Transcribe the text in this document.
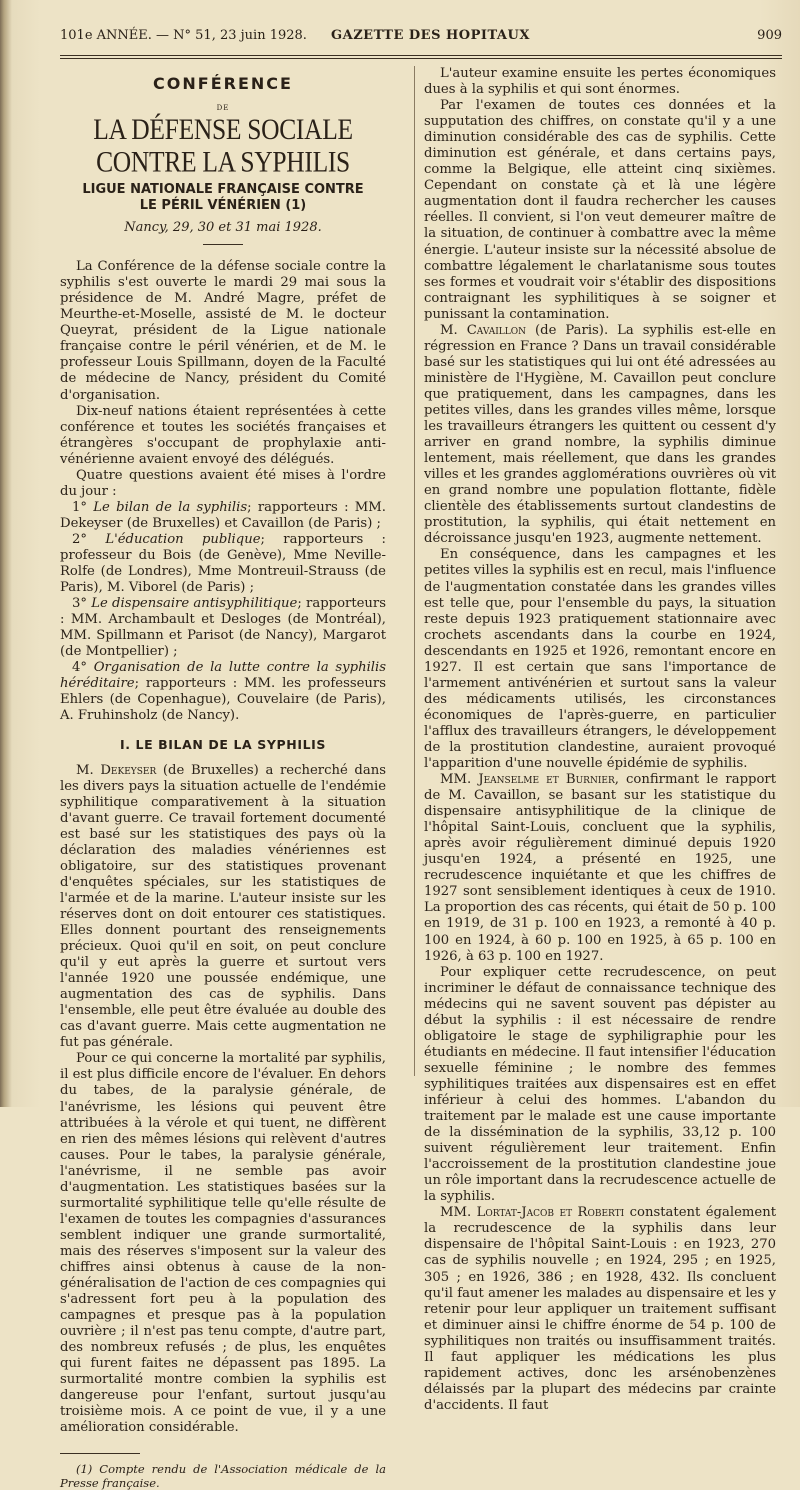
101e ANNÉE. — N° 51, 23 juin 1928. GAZETTE DES HOPITAUX	909
CONFÉRENCE
DE
LA DÉFENSE SOCIALE CONTRE LA SYPHILIS
LIGUE NATIONALE FRANÇAISE CONTRE
LE PÉRIL VÉNÉRIEN (1)
Nancy, 29, 30 et 31 mai 1928.

La Conférence de la défense sociale contre la syphilis s'est ouverte le mardi 29 mai sous la présidence de M. André Magre, préfet de Meurthe-et-Moselle, assisté de M. le docteur Queyrat, président de la Ligue nationale française contre le péril vénérien, et de M. le professeur Louis Spillmann, doyen de la Faculté de médecine de Nancy, président du Comité d'organisation.

Dix-neuf nations étaient représentées à cette conférence et toutes les sociétés françaises et étrangères s'occupant de prophylaxie anti-vénérienne avaient envoyé des délégués.

Quatre questions avaient été mises à l'ordre du jour :

1° Le bilan de la syphilis; rapporteurs : MM. Dekeyser (de Bruxelles) et Cavaillon (de Paris) ;

2° L'éducation publique; rapporteurs : professeur du Bois (de Genève), Mme Neville-Rolfe (de Londres), Mme Montreuil-Strauss (de Paris), M. Viborel (de Paris) ;

3° Le dispensaire antisyphilitique; rapporteurs : MM. Archambault et Desloges (de Montréal), MM. Spillmann et Parisot (de Nancy), Margarot (de Montpellier) ;

4° Organisation de la lutte contre la syphilis héréditaire; rapporteurs : MM. les professeurs Ehlers (de Copenhague), Couvelaire (de Paris), A. Fruhinsholz (de Nancy).

I. LE BILAN DE LA SYPHILIS

M. Dekeyser (de Bruxelles) a recherché dans les divers pays la situation actuelle de l'endémie syphilitique comparativement à la situation d'avant guerre. Ce travail fortement documenté est basé sur les statistiques des pays où la déclaration des maladies vénériennes est obligatoire, sur des statistiques provenant d'enquêtes spéciales, sur les statistiques de l'armée et de la marine. L'auteur insiste sur les réserves dont on doit entourer ces statistiques. Elles donnent pourtant des renseignements précieux. Quoi qu'il en soit, on peut conclure qu'il y eut après la guerre et surtout vers l'année 1920 une poussée endémique, une augmentation des cas de syphilis. Dans l'ensemble, elle peut être évaluée au double des cas d'avant guerre. Mais cette augmentation ne fut pas générale.

Pour ce qui concerne la mortalité par syphilis, il est plus difficile encore de l'évaluer. En dehors du tabes, de la paralysie générale, de l'anévrisme, les lésions qui peuvent être attribuées à la vérole et qui tuent, ne diffèrent en rien des mêmes lésions qui relèvent d'autres causes. Pour le tabes, la paralysie générale, l'anévrisme, il ne semble pas avoir d'augmentation. Les statistiques basées sur la surmortalité syphilitique telle qu'elle résulte de l'examen de toutes les compagnies d'assurances semblent indiquer une grande surmortalité, mais des réserves s'imposent sur la valeur des chiffres ainsi obtenus à cause de la non-généralisation de l'action de ces compagnies qui s'adressent fort peu à la population des campagnes et presque pas à la population ouvrière ; il n'est pas tenu compte, d'autre part, des nombreux refusés ; de plus, les enquêtes qui furent faites ne dépassent pas 1895. La surmortalité montre combien la syphilis est dangereuse pour l'enfant, surtout jusqu'au troisième mois. A ce point de vue, il y a une amélioration considérable.

(1) Compte rendu de l'Association médicale de la Presse française.

L'auteur examine ensuite les pertes économiques dues à la syphilis et qui sont énormes.

Par l'examen de toutes ces données et la supputation des chiffres, on constate qu'il y a une diminution considérable des cas de syphilis. Cette diminution est générale, et dans certains pays, comme la Belgique, elle atteint cinq sixièmes. Cependant on constate çà et là une légère augmentation dont il faudra rechercher les causes réelles. Il convient, si l'on veut demeurer maître de la situation, de continuer à combattre avec la même énergie. L'auteur insiste sur la nécessité absolue de combattre légalement le charlatanisme sous toutes ses formes et voudrait voir s'établir des dispositions contraignant les syphilitiques à se soigner et punissant la contamination.

M. Cavaillon (de Paris). La syphilis est-elle en régression en France ? Dans un travail considérable basé sur les statistiques qui lui ont été adressées au ministère de l'Hygiène, M. Cavaillon peut conclure que pratiquement, dans les campagnes, dans les petites villes, dans les grandes villes même, lorsque les travailleurs étrangers les quittent ou cessent d'y arriver en grand nombre, la syphilis diminue lentement, mais réellement, que dans les grandes villes et les grandes agglomérations ouvrières où vit en grand nombre une population flottante, fidèle clientèle des établissements surtout clandestins de prostitution, la syphilis, qui était nettement en décroissance jusqu'en 1923, augmente nettement.

En conséquence, dans les campagnes et les petites villes la syphilis est en recul, mais l'influence de l'augmentation constatée dans les grandes villes est telle que, pour l'ensemble du pays, la situation reste depuis 1923 pratiquement stationnaire avec crochets ascendants dans la courbe en 1924, descendants en 1925 et 1926, remontant encore en 1927. Il est certain que sans l'importance de l'armement antivénérien et surtout sans la valeur des médicaments utilisés, les circonstances économiques de l'après-guerre, en particulier l'afflux des travailleurs étrangers, le développement de la prostitution clandestine, auraient provoqué l'apparition d'une nouvelle épidémie de syphilis.

MM. Jeanselme et Burnier, confirmant le rapport de M. Cavaillon, se basant sur les statistique du dispensaire antisyphilitique de la clinique de l'hôpital Saint-Louis, concluent que la syphilis, après avoir régulièrement diminué depuis 1920 jusqu'en 1924, a présenté en 1925, une recrudescence inquiétante et que les chiffres de 1927 sont sensiblement identiques à ceux de 1910. La proportion des cas récents, qui était de 50 p. 100 en 1919, de 31 p. 100 en 1923, a remonté à 40 p. 100 en 1924, à 60 p. 100 en 1925, à 65 p. 100 en 1926, à 63 p. 100 en 1927.

Pour expliquer cette recrudescence, on peut incriminer le défaut de connaissance technique des médecins qui ne savent souvent pas dépister au début la syphilis : il est nécessaire de rendre obligatoire le stage de syphiligraphie pour les étudiants en médecine. Il faut intensifier l'éducation sexuelle féminine ; le nombre des femmes syphilitiques traitées aux dispensaires est en effet inférieur à celui des hommes. L'abandon du traitement par le malade est une cause importante de la dissémination de la syphilis, 33,12 p. 100 suivent régulièrement leur traitement. Enfin l'accroissement de la prostitution clandestine joue un rôle important dans la recrudescence actuelle de la syphilis.

MM. Lortat-Jacob et Roberti constatent également la recrudescence de la syphilis dans leur dispensaire de l'hôpital Saint-Louis : en 1923, 270 cas de syphilis nouvelle ; en 1924, 295 ; en 1925, 305 ; en 1926, 386 ; en 1928, 432. Ils concluent qu'il faut amener les malades au dispensaire et les y retenir pour leur appliquer un traitement suffisant et diminuer ainsi le chiffre énorme de 54 p. 100 de syphilitiques non traités ou insuffisamment traités. Il faut appliquer les médications les plus rapidement actives, donc les arsénobenzènes délaissés par la plupart des médecins par crainte d'accidents. Il faut
